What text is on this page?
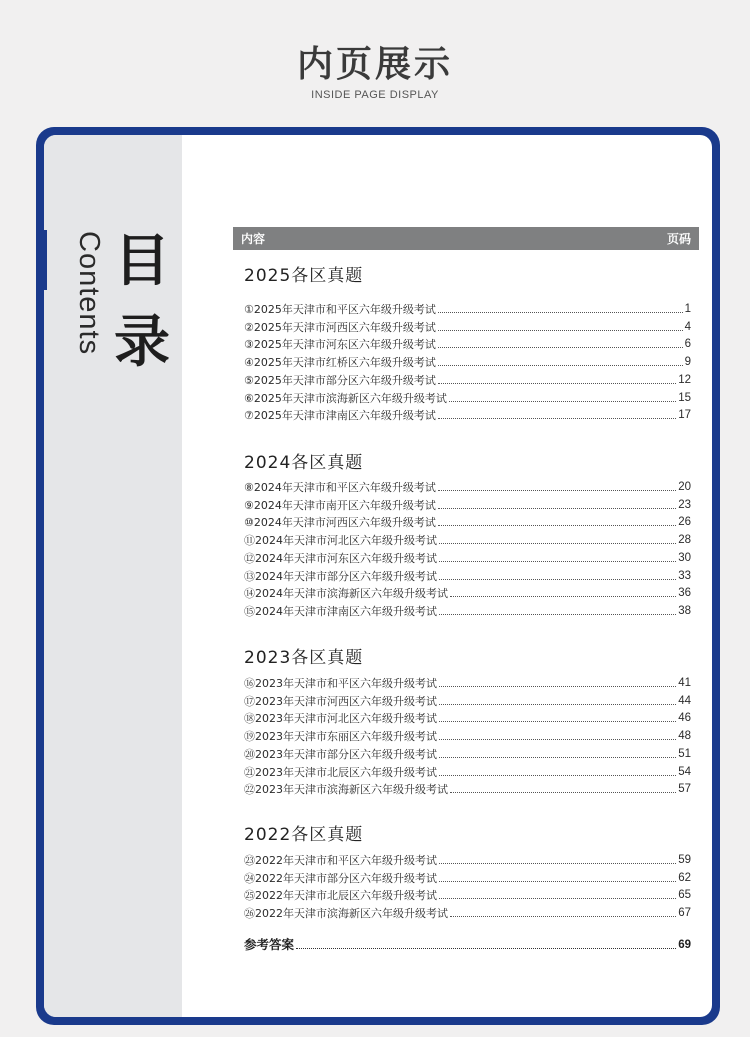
内页展示
INSIDE PAGE DISPLAY
Contents 目
录
内容	页码
2025各区真题
①2025年天津市和平区六年级升级考试	1
②2025年天津市河西区六年级升级考试	4
③2025年天津市河东区六年级升级考试	6
④2025年天津市红桥区六年级升级考试	9
⑤2025年天津市部分区六年级升级考试	12
⑥2025年天津市滨海新区六年级升级考试	15
⑦2025年天津市津南区六年级升级考试	17
2024各区真题
⑧2024年天津市和平区六年级升级考试	20
⑨2024年天津市南开区六年级升级考试	23
⑩2024年天津市河西区六年级升级考试	26
⑪2024年天津市河北区六年级升级考试	28
⑫2024年天津市河东区六年级升级考试	30
⑬2024年天津市部分区六年级升级考试	33
⑭2024年天津市滨海新区六年级升级考试	36
⑮2024年天津市津南区六年级升级考试	38
2023各区真题
⑯2023年天津市和平区六年级升级考试	41
⑰2023年天津市河西区六年级升级考试	44
⑱2023年天津市河北区六年级升级考试	46
⑲2023年天津市东丽区六年级升级考试	48
⑳2023年天津市部分区六年级升级考试	51
㉑2023年天津市北辰区六年级升级考试	54
㉒2023年天津市滨海新区六年级升级考试	57
2022各区真题
㉓2022年天津市和平区六年级升级考试	59
㉔2022年天津市部分区六年级升级考试	62
㉕2022年天津市北辰区六年级升级考试	65
㉖2022年天津市滨海新区六年级升级考试	67
参考答案	69
